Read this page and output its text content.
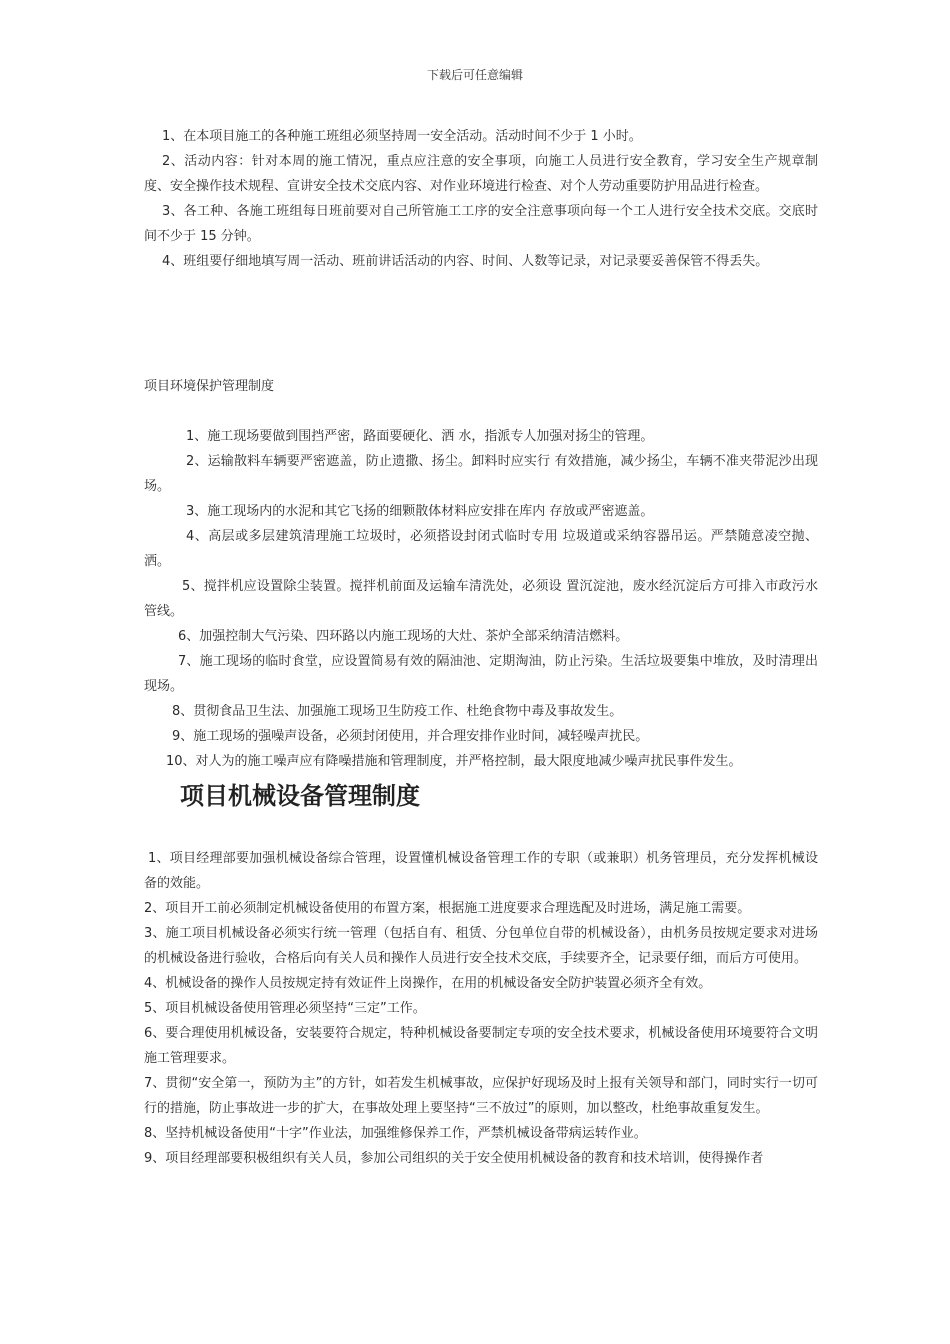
下载后可任意编辑

1、在本项目施工的各种施工班组必须坚持周一安全活动。活动时间不少于 1 小时。

2、活动内容：针对本周的施工情况，重点应注意的安全事项，向施工人员进行安全教育，学习安全生产规章制度、安全操作技术规程、宣讲安全技术交底内容、对作业环境进行检查、对个人劳动重要防护用品进行检查。

3、各工种、各施工班组每日班前要对自己所管施工工序的安全注意事项向每一个工人进行安全技术交底。交底时间不少于 15 分钟。

4、班组要仔细地填写周一活动、班前讲话活动的内容、时间、人数等记录，对记录要妥善保管不得丢失。

项目环境保护管理制度

1、施工现场要做到围挡严密，路面要硬化、洒 水，指派专人加强对扬尘的管理。

2、运输散料车辆要严密遮盖，防止遗撒、扬尘。卸料时应实行 有效措施，减少扬尘，车辆不准夹带泥沙出现场。

3、施工现场内的水泥和其它飞扬的细颗散体材料应安排在库内 存放或严密遮盖。

4、高层或多层建筑清理施工垃圾时，必须搭设封闭式临时专用 垃圾道或采纳容器吊运。严禁随意凌空抛、洒。

5、搅拌机应设置除尘装置。搅拌机前面及运输车清洗处，必须设 置沉淀池，废水经沉淀后方可排入市政污水管线。

6、加强控制大气污染、四环路以内施工现场的大灶、茶炉全部采纳清洁燃料。

7、施工现场的临时食堂，应设置简易有效的隔油池、定期淘油，防止污染。生活垃圾要集中堆放，及时清理出现场。

8、贯彻食品卫生法、加强施工现场卫生防疫工作、杜绝食物中毒及事故发生。

9、施工现场的强噪声设备，必须封闭使用，并合理安排作业时间，减轻噪声扰民。

10、对人为的施工噪声应有降噪措施和管理制度，并严格控制，最大限度地减少噪声扰民事件发生。

项目机械设备管理制度

1、项目经理部要加强机械设备综合管理，设置懂机械设备管理工作的专职（或兼职）机务管理员，充分发挥机械设备的效能。

2、项目开工前必须制定机械设备使用的布置方案，根据施工进度要求合理选配及时进场，满足施工需要。

3、施工项目机械设备必须实行统一管理（包括自有、租赁、分包单位自带的机械设备），由机务员按规定要求对进场的机械设备进行验收，合格后向有关人员和操作人员进行安全技术交底，手续要齐全，记录要仔细，而后方可使用。

4、机械设备的操作人员按规定持有效证件上岗操作，在用的机械设备安全防护装置必须齐全有效。

5、项目机械设备使用管理必须坚持“三定”工作。

6、要合理使用机械设备，安装要符合规定，特种机械设备要制定专项的安全技术要求，机械设备使用环境要符合文明施工管理要求。

7、贯彻“安全第一，预防为主”的方针，如若发生机械事故，应保护好现场及时上报有关领导和部门，同时实行一切可行的措施，防止事故进一步的扩大，在事故处理上要坚持“三不放过”的原则，加以整改，杜绝事故重复发生。

8、坚持机械设备使用“十字”作业法，加强维修保养工作，严禁机械设备带病运转作业。

9、项目经理部要积极组织有关人员，参加公司组织的关于安全使用机械设备的教育和技术培训，使得操作者
